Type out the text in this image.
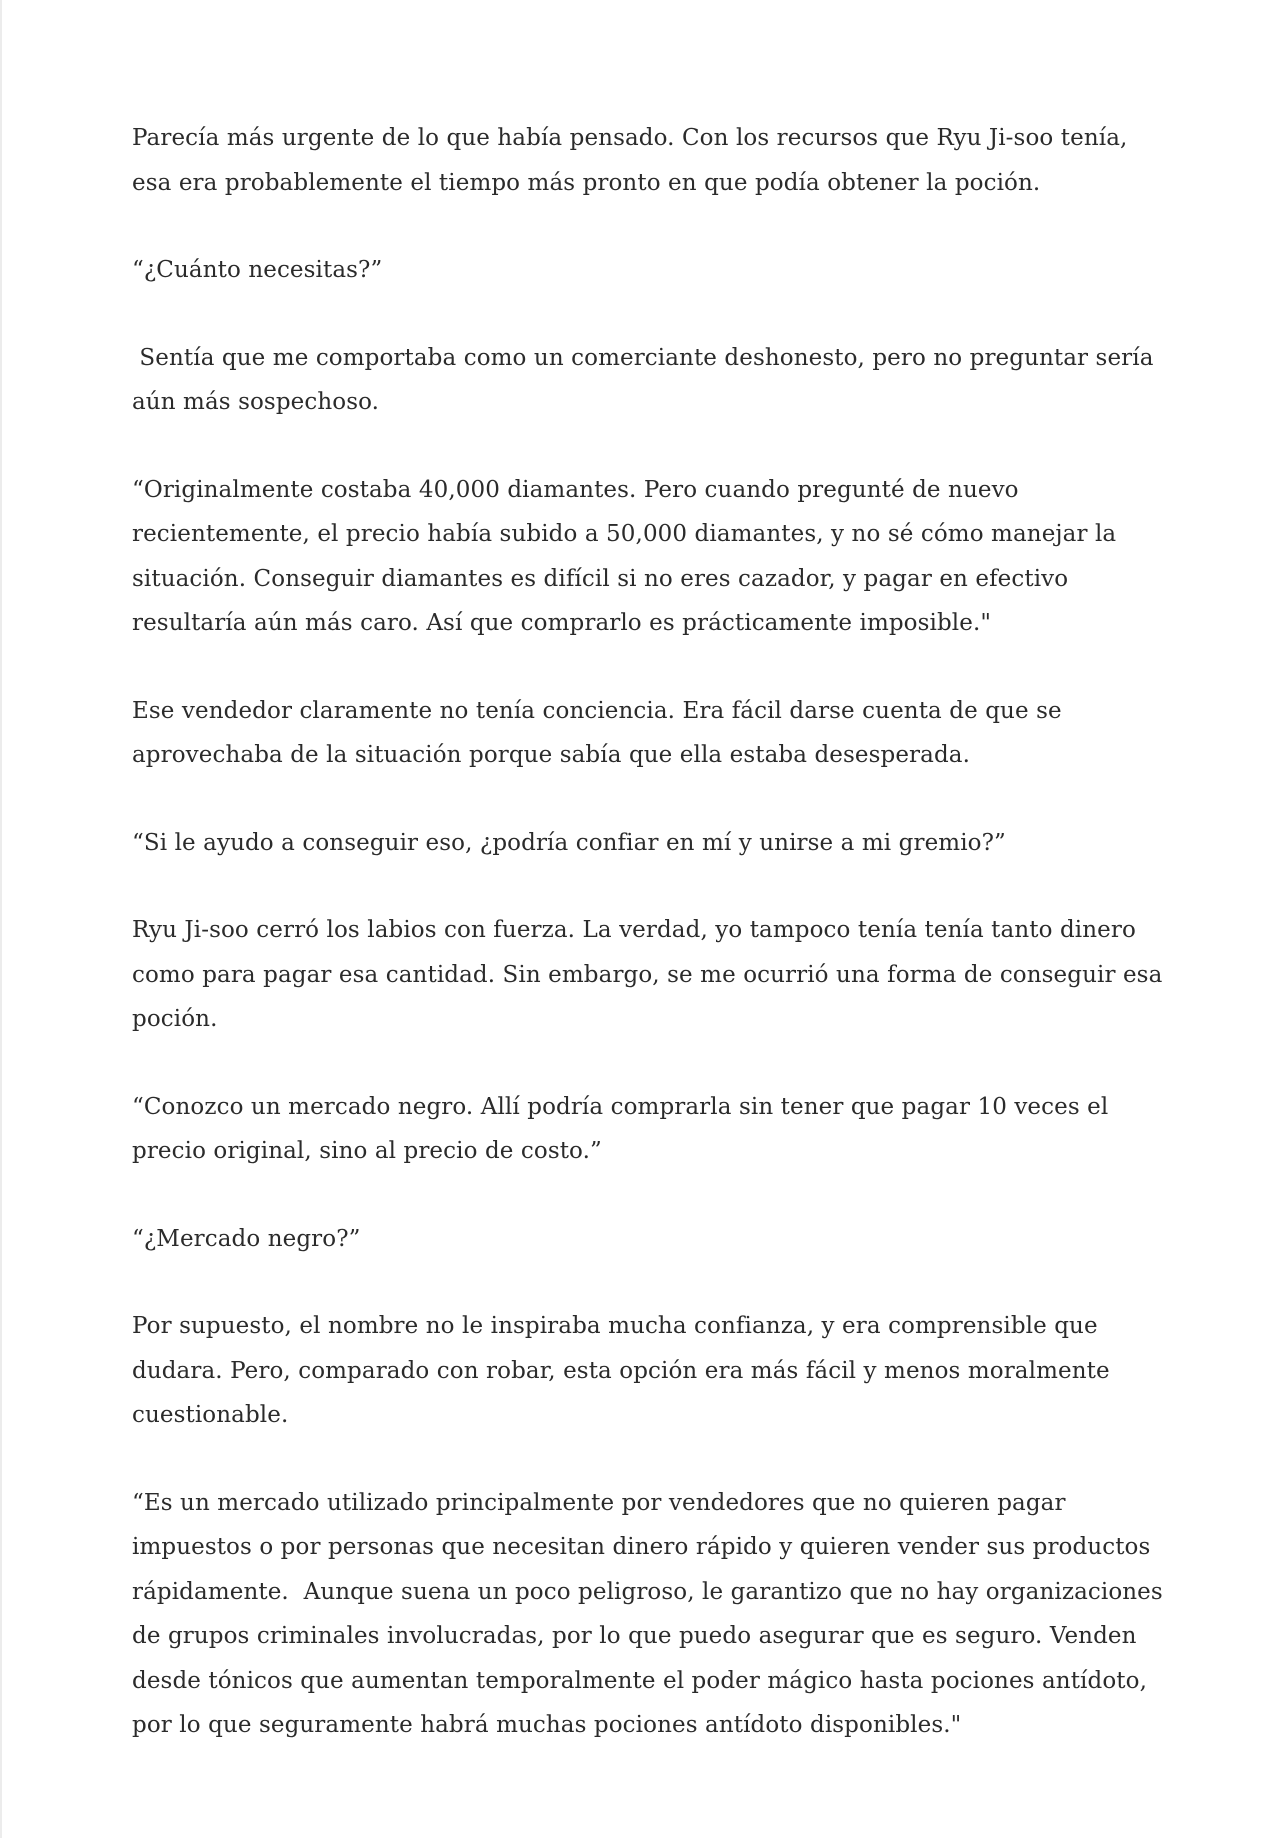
Parecía más urgente de lo que había pensado. Con los recursos que Ryu Ji-soo tenía, esa era probablemente el tiempo más pronto en que podía obtener la poción.

“¿Cuánto necesitas?”

Sentía que me comportaba como un comerciante deshonesto, pero no preguntar sería aún más sospechoso.

“Originalmente costaba 40,000 diamantes. Pero cuando pregunté de nuevo recientemente, el precio había subido a 50,000 diamantes, y no sé cómo manejar la situación. Conseguir diamantes es difícil si no eres cazador, y pagar en efectivo resultaría aún más caro. Así que comprarlo es prácticamente imposible."

Ese vendedor claramente no tenía conciencia. Era fácil darse cuenta de que se aprovechaba de la situación porque sabía que ella estaba desesperada.

“Si le ayudo a conseguir eso, ¿podría confiar en mí y unirse a mi gremio?”

Ryu Ji-soo cerró los labios con fuerza. La verdad, yo tampoco tenía tenía tanto dinero como para pagar esa cantidad. Sin embargo, se me ocurrió una forma de conseguir esa poción.

“Conozco un mercado negro. Allí podría comprarla sin tener que pagar 10 veces el precio original, sino al precio de costo.”

“¿Mercado negro?”

Por supuesto, el nombre no le inspiraba mucha confianza, y era comprensible que dudara. Pero, comparado con robar, esta opción era más fácil y menos moralmente cuestionable.

“Es un mercado utilizado principalmente por vendedores que no quieren pagar impuestos o por personas que necesitan dinero rápido y quieren vender sus productos rápidamente.  Aunque suena un poco peligroso, le garantizo que no hay organizaciones de grupos criminales involucradas, por lo que puedo asegurar que es seguro. Venden desde tónicos que aumentan temporalmente el poder mágico hasta pociones antídoto, por lo que seguramente habrá muchas pociones antídoto disponibles."
